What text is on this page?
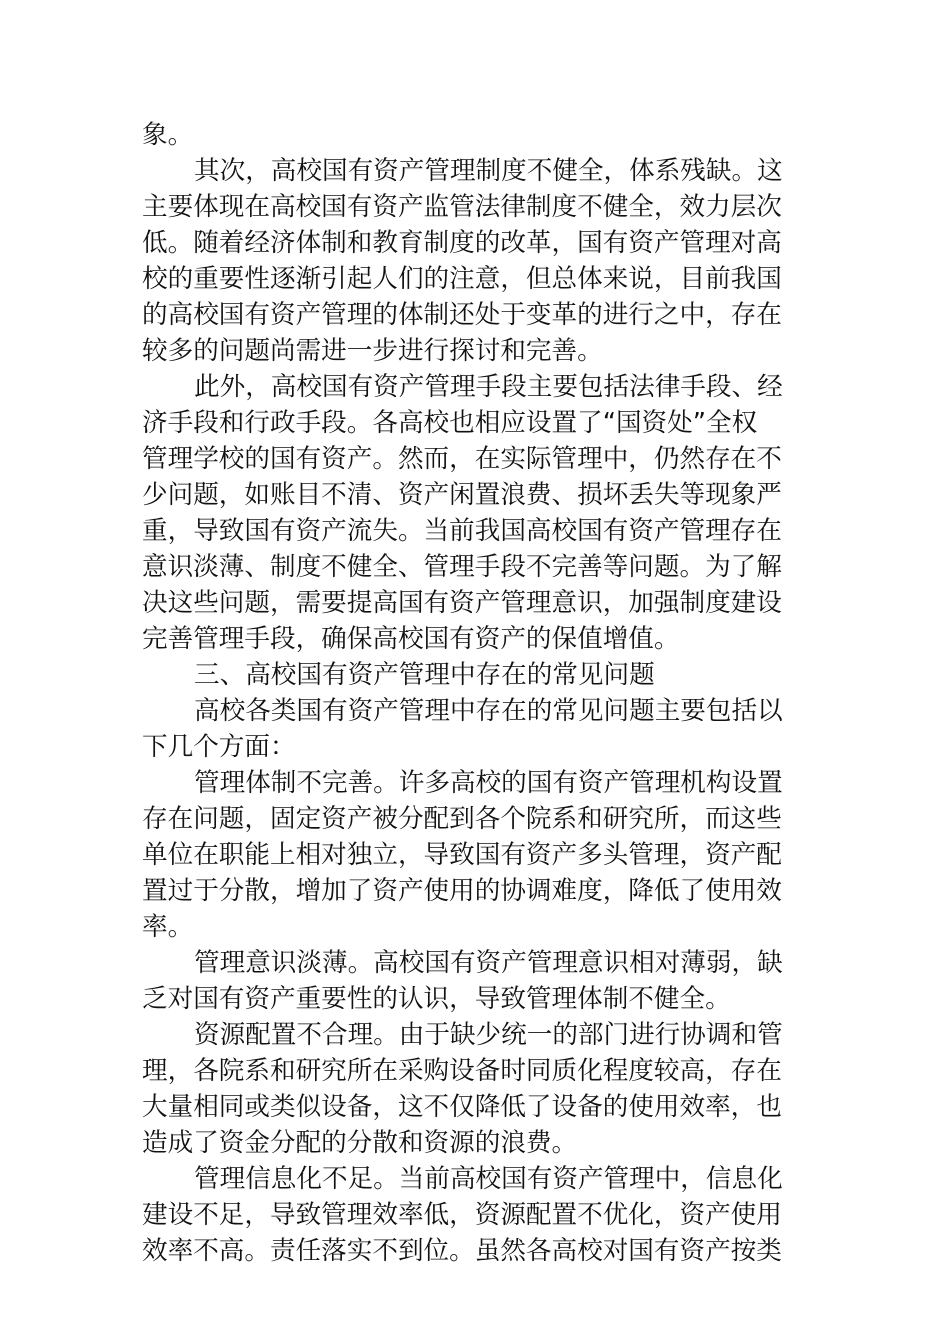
象。
其次，高校国有资产管理制度不健全，体系残缺。这
主要体现在高校国有资产监管法律制度不健全，效力层次
低。随着经济体制和教育制度的改革，国有资产管理对高
校的重要性逐渐引起人们的注意，但总体来说，目前我国
的高校国有资产管理的体制还处于变革的进行之中，存在
较多的问题尚需进一步进行探讨和完善。
此外，高校国有资产管理手段主要包括法律手段、经
济手段和行政手段。各高校也相应设置了“国资处”全权
管理学校的国有资产。然而，在实际管理中，仍然存在不
少问题，如账目不清、资产闲置浪费、损坏丢失等现象严
重，导致国有资产流失。当前我国高校国有资产管理存在
意识淡薄、制度不健全、管理手段不完善等问题。为了解
决这些问题，需要提高国有资产管理意识，加强制度建设
完善管理手段，确保高校国有资产的保值增值。
三、高校国有资产管理中存在的常见问题
高校各类国有资产管理中存在的常见问题主要包括以
下几个方面：
管理体制不完善。许多高校的国有资产管理机构设置
存在问题，固定资产被分配到各个院系和研究所，而这些
单位在职能上相对独立，导致国有资产多头管理，资产配
置过于分散，增加了资产使用的协调难度，降低了使用效
率。
管理意识淡薄。高校国有资产管理意识相对薄弱，缺
乏对国有资产重要性的认识，导致管理体制不健全。
资源配置不合理。由于缺少统一的部门进行协调和管
理，各院系和研究所在采购设备时同质化程度较高，存在
大量相同或类似设备，这不仅降低了设备的使用效率，也
造成了资金分配的分散和资源的浪费。
管理信息化不足。当前高校国有资产管理中，信息化
建设不足，导致管理效率低，资源配置不优化，资产使用
效率不高。责任落实不到位。虽然各高校对国有资产按类
